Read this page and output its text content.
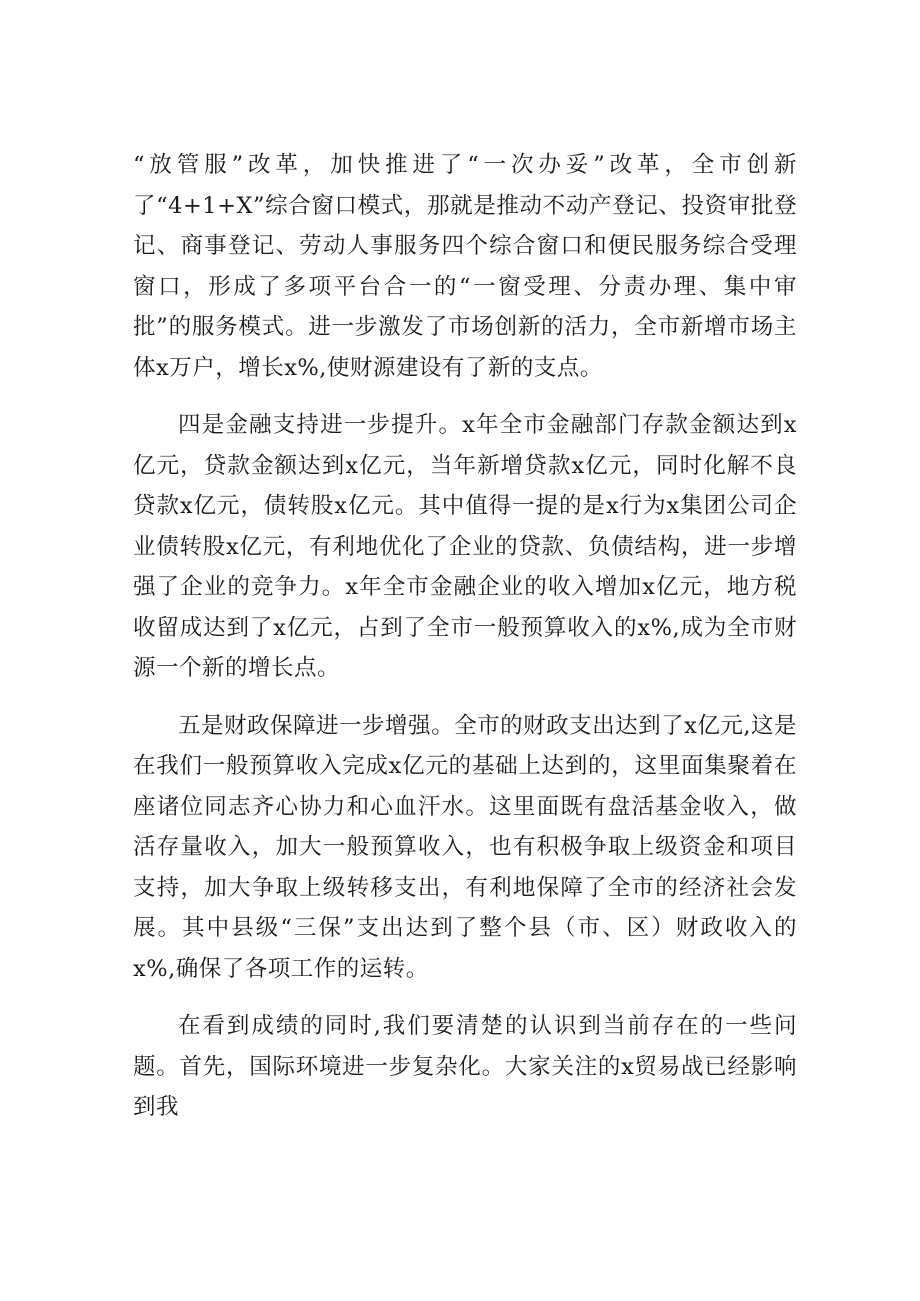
“放管服”改革，加快推进了“一次办妥”改革，全市创新了“4+1+X”综合窗口模式，那就是推动不动产登记、投资审批登记、商事登记、劳动人事服务四个综合窗口和便民服务综合受理窗口，形成了多项平台合一的“一窗受理、分责办理、集中审批”的服务模式。进一步激发了市场创新的活力，全市新增市场主体x万户，增长x%,使财源建设有了新的支点。

四是金融支持进一步提升。x年全市金融部门存款金额达到x亿元，贷款金额达到x亿元，当年新增贷款x亿元，同时化解不良贷款x亿元，债转股x亿元。其中值得一提的是x行为x集团公司企业债转股x亿元，有利地优化了企业的贷款、负债结构，进一步增强了企业的竞争力。x年全市金融企业的收入增加x亿元，地方税收留成达到了x亿元，占到了全市一般预算收入的x%,成为全市财源一个新的增长点。

五是财政保障进一步增强。全市的财政支出达到了x亿元,这是在我们一般预算收入完成x亿元的基础上达到的，这里面集聚着在座诸位同志齐心协力和心血汗水。这里面既有盘活基金收入，做活存量收入，加大一般预算收入，也有积极争取上级资金和项目支持，加大争取上级转移支出，有利地保障了全市的经济社会发展。其中县级“三保”支出达到了整个县（市、区）财政收入的x%,确保了各项工作的运转。

在看到成绩的同时,我们要清楚的认识到当前存在的一些问题。首先，国际环境进一步复杂化。大家关注的x贸易战已经影响到我
